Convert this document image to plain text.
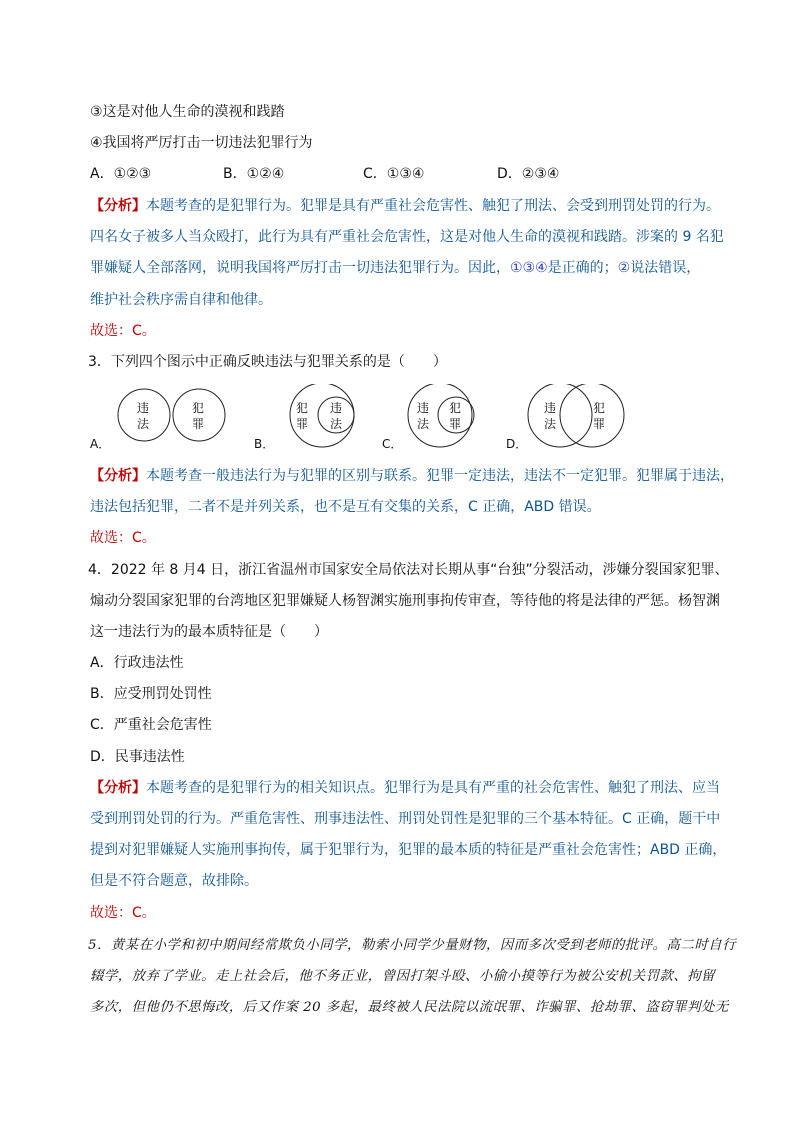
③这是对他人生命的漠视和践踏
④我国将严厉打击一切违法犯罪行为
A．①②③	B．①②④	C．①③④	D．②③④
【分析】本题考查的是犯罪行为。犯罪是具有严重社会危害性、触犯了刑法、会受到刑罚处罚的行为。
四名女子被多人当众殴打，此行为具有严重社会危害性，这是对他人生命的漠视和践踏。涉案的 9 名犯
罪嫌疑人全部落网，说明我国将严厉打击一切违法犯罪行为。因此，①③④是正确的；②说法错误，
维护社会秩序需自律和他律。
故选：C。
3．下列四个图示中正确反映违法与犯罪关系的是（　　）
A．
违
法
犯
罪
B．
犯
罪
违
法
C．
违
法
犯
罪
D．
违
法
犯
罪
【分析】本题考查一般违法行为与犯罪的区别与联系。犯罪一定违法，违法不一定犯罪。犯罪属于违法，
违法包括犯罪，二者不是并列关系，也不是互有交集的关系，C 正确，ABD 错误。
故选：C。
4．2022 年 8 月4 日，浙江省温州市国家安全局依法对长期从事“台独”分裂活动，涉嫌分裂国家犯罪、
煽动分裂国家犯罪的台湾地区犯罪嫌疑人杨智渊实施刑事拘传审查，等待他的将是法律的严惩。杨智渊
这一违法行为的最本质特征是（　　）
A．行政违法性
B．应受刑罚处罚性
C．严重社会危害性
D．民事违法性
【分析】本题考查的是犯罪行为的相关知识点。犯罪行为是具有严重的社会危害性、触犯了刑法、应当
受到刑罚处罚的行为。严重危害性、刑事违法性、刑罚处罚性是犯罪的三个基本特征。C 正确，题干中
提到对犯罪嫌疑人实施刑事拘传，属于犯罪行为，犯罪的最本质的特征是严重社会危害性；ABD 正确，
但是不符合题意，故排除。
故选：C。
5．黄某在小学和初中期间经常欺负小同学，勒索小同学少量财物，因而多次受到老师的批评。高二时自行
辍学，放弃了学业。走上社会后，他不务正业，曾因打架斗殴、小偷小摸等行为被公安机关罚款、拘留
多次，但他仍不思悔改，后又作案 20 多起，最终被人民法院以流氓罪、诈骗罪、抢劫罪、盗窃罪判处无
